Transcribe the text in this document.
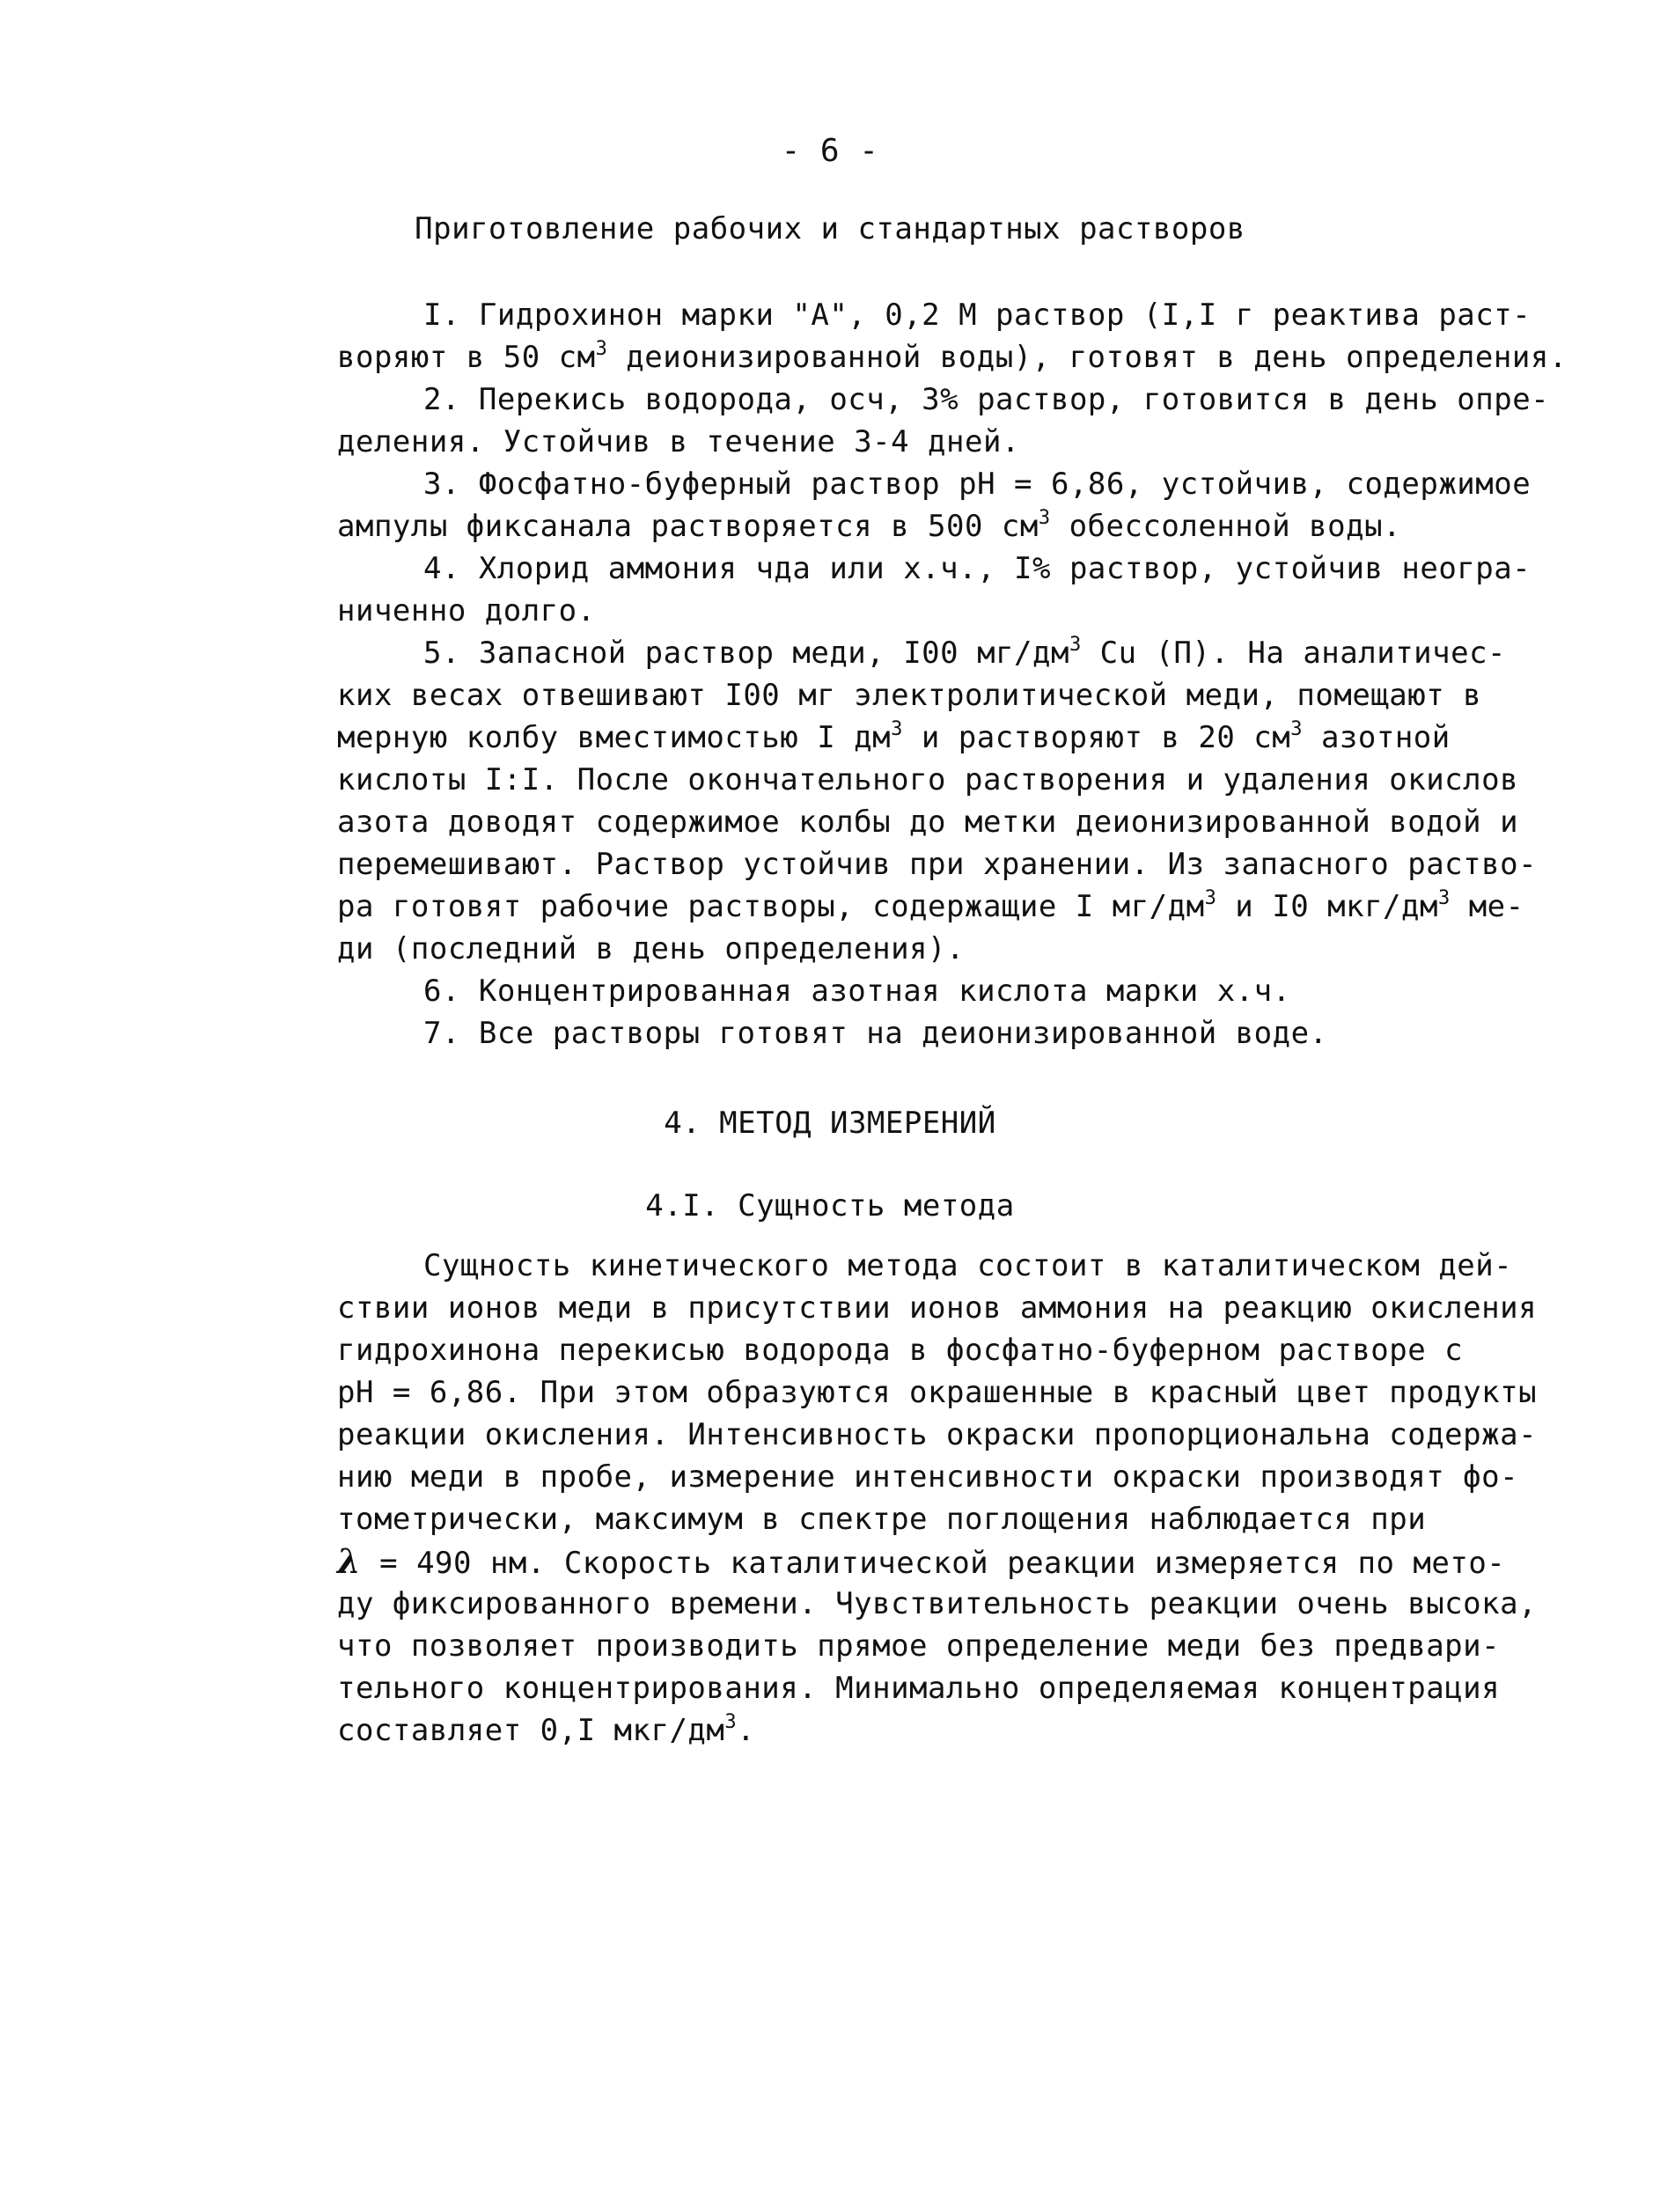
- 6 -
Приготовление рабочих и стандартных растворов
I. Гидрохинон марки "А", 0,2 М раствор (I,I г реактива раст-
воряют в 50 $см^3$ деионизированной воды), готовят в день определения.
2. Перекись водорода, осч, 3% раствор, готовится в день опре-
деления. Устойчив в течение 3-4 дней.
3. Фосфатно-буферный раствор рН = 6,86, устойчив, содержимое
ампулы фиксанала растворяется в 500 $см^3$ обессоленной воды.
4. Хлорид аммония чда или х.ч., I% раствор, устойчив неогра-
ниченно долго.
5. Запасной раствор меди, I00 $мг/дм^3$ Cu (П). На аналитичес-
ких весах отвешивают I00 мг электролитической меди, помещают в
мерную колбу вместимостью I $дм^3$ и растворяют в 20 $см^3$ азотной
кислоты I:I. После окончательного растворения и удаления окислов
азота доводят содержимое колбы до метки деионизированной водой и
перемешивают. Раствор устойчив при хранении. Из запасного раство-
ра готовят рабочие растворы, содержащие I $мг/дм^3$ и I0 мкг/$дм^3$ ме-
ди (последний в день определения).
6. Концентрированная азотная кислота марки х.ч.
7. Все растворы готовят на деионизированной воде.
4. МЕТОД ИЗМЕРЕНИЙ
4.I. Сущность метода
Сущность кинетического метода состоит в каталитическом дей-
ствии ионов меди в присутствии ионов аммония на реакцию окисления
гидрохинона перекисью водорода в фосфатно-буферном растворе с
рН = 6,86. При этом образуются окрашенные в красный цвет продукты
реакции окисления. Интенсивность окраски пропорциональна содержа-
нию меди в пробе, измерение интенсивности окраски производят фо-
тометрически, максимум в спектре поглощения наблюдается при
λ = 490 нм. Скорость каталитической реакции измеряется по мето-
ду фиксированного времени. Чувствительность реакции очень высока,
что позволяет производить прямое определение меди без предвари-
тельного концентрирования. Минимально определяемая концентрация
составляет 0,I мкг/$дм^3$.
